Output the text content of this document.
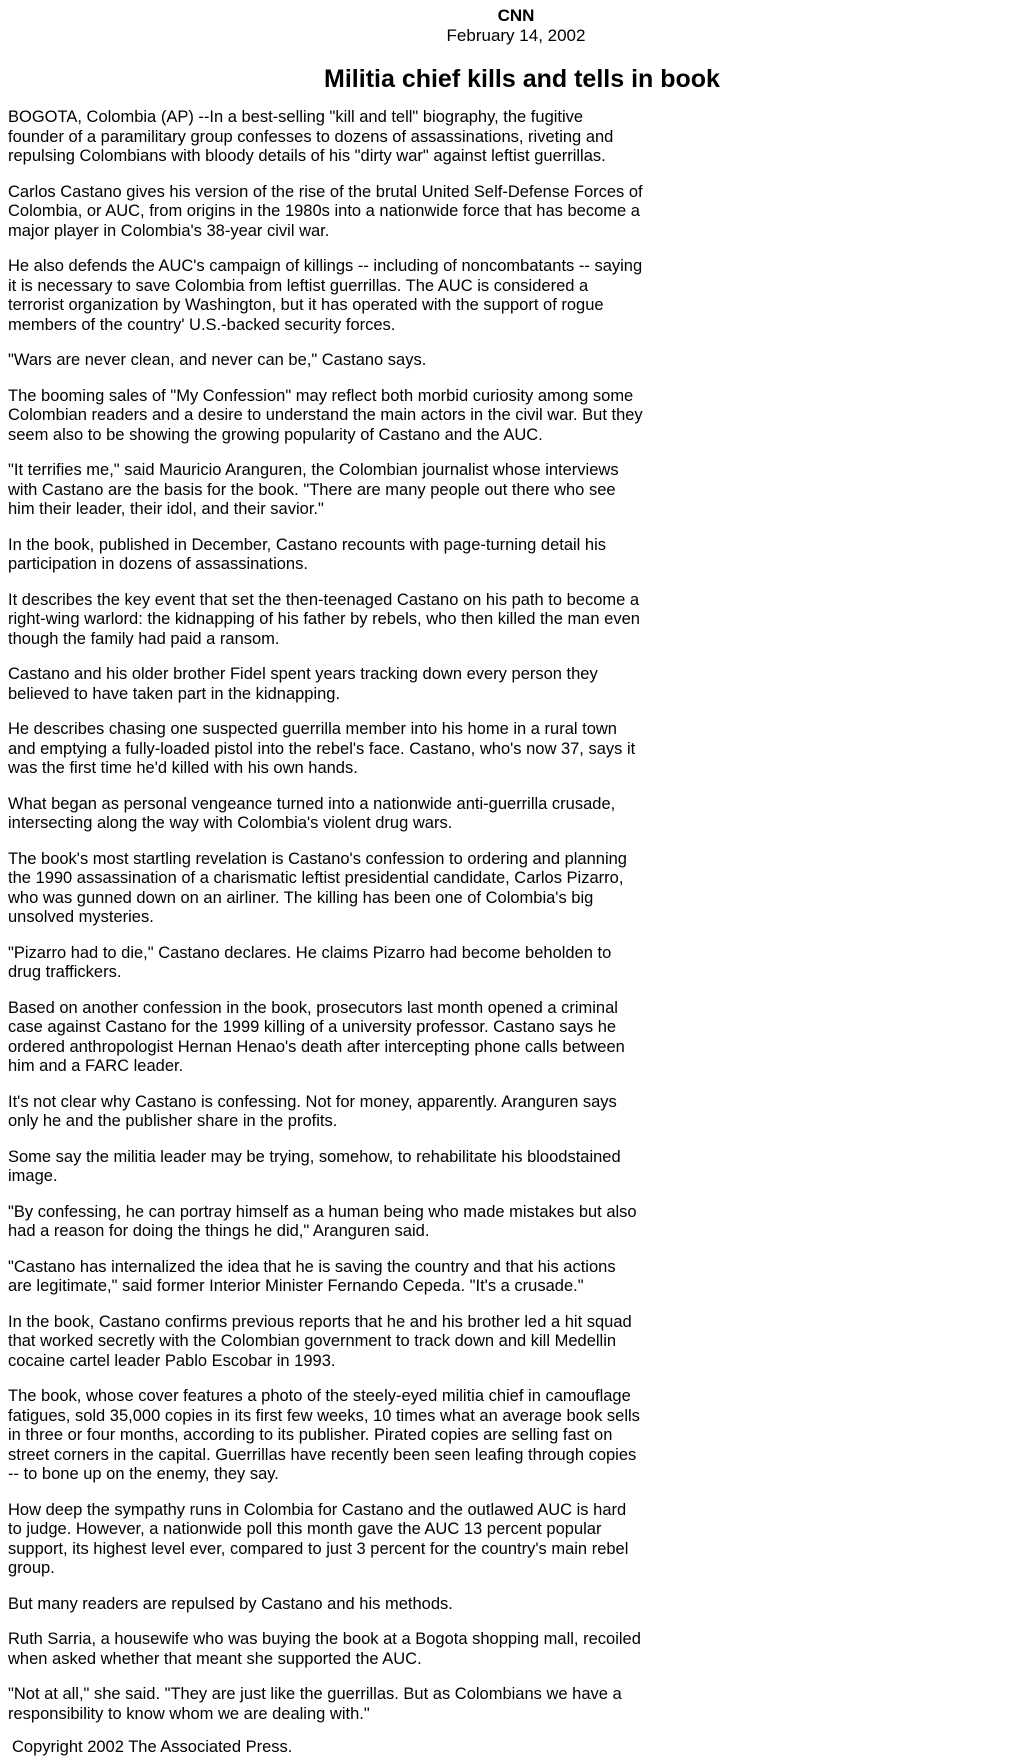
CNN
February 14, 2002
Militia chief kills and tells in book

BOGOTA, Colombia (AP) --In a best-selling "kill and tell" biography, the fugitive founder of a paramilitary group confesses to dozens of assassinations, riveting and repulsing Colombians with bloody details of his "dirty war" against leftist guerrillas.

Carlos Castano gives his version of the rise of the brutal United Self-Defense Forces of Colombia, or AUC, from origins in the 1980s into a nationwide force that has become a major player in Colombia's 38-year civil war.

He also defends the AUC's campaign of killings -- including of noncombatants -- saying it is necessary to save Colombia from leftist guerrillas. The AUC is considered a terrorist organization by Washington, but it has operated with the support of rogue members of the country' U.S.-backed security forces.

"Wars are never clean, and never can be," Castano says.

The booming sales of "My Confession" may reflect both morbid curiosity among some Colombian readers and a desire to understand the main actors in the civil war. But they seem also to be showing the growing popularity of Castano and the AUC.

"It terrifies me," said Mauricio Aranguren, the Colombian journalist whose interviews with Castano are the basis for the book. "There are many people out there who see him their leader, their idol, and their savior."

In the book, published in December, Castano recounts with page-turning detail his participation in dozens of assassinations.

It describes the key event that set the then-teenaged Castano on his path to become a right-wing warlord: the kidnapping of his father by rebels, who then killed the man even though the family had paid a ransom.

Castano and his older brother Fidel spent years tracking down every person they believed to have taken part in the kidnapping.

He describes chasing one suspected guerrilla member into his home in a rural town and emptying a fully-loaded pistol into the rebel's face. Castano, who's now 37, says it was the first time he'd killed with his own hands.

What began as personal vengeance turned into a nationwide anti-guerrilla crusade, intersecting along the way with Colombia's violent drug wars.

The book's most startling revelation is Castano's confession to ordering and planning the 1990 assassination of a charismatic leftist presidential candidate, Carlos Pizarro, who was gunned down on an airliner. The killing has been one of Colombia's big unsolved mysteries.

"Pizarro had to die," Castano declares. He claims Pizarro had become beholden to drug traffickers.

Based on another confession in the book, prosecutors last month opened a criminal case against Castano for the 1999 killing of a university professor. Castano says he ordered anthropologist Hernan Henao's death after intercepting phone calls between him and a FARC leader.

It's not clear why Castano is confessing. Not for money, apparently. Aranguren says only he and the publisher share in the profits.

Some say the militia leader may be trying, somehow, to rehabilitate his bloodstained image.

"By confessing, he can portray himself as a human being who made mistakes but also had a reason for doing the things he did," Aranguren said.

"Castano has internalized the idea that he is saving the country and that his actions are legitimate," said former Interior Minister Fernando Cepeda. "It's a crusade."

In the book, Castano confirms previous reports that he and his brother led a hit squad that worked secretly with the Colombian government to track down and kill Medellin cocaine cartel leader Pablo Escobar in 1993.

The book, whose cover features a photo of the steely-eyed militia chief in camouflage fatigues, sold 35,000 copies in its first few weeks, 10 times what an average book sells in three or four months, according to its publisher. Pirated copies are selling fast on street corners in the capital. Guerrillas have recently been seen leafing through copies -- to bone up on the enemy, they say.

How deep the sympathy runs in Colombia for Castano and the outlawed AUC is hard to judge. However, a nationwide poll this month gave the AUC 13 percent popular support, its highest level ever, compared to just 3 percent for the country's main rebel group.

But many readers are repulsed by Castano and his methods.

Ruth Sarria, a housewife who was buying the book at a Bogota shopping mall, recoiled when asked whether that meant she supported the AUC.

"Not at all," she said. "They are just like the guerrillas. But as Colombians we have a responsibility to know whom we are dealing with."

Copyright 2002 The Associated Press.
